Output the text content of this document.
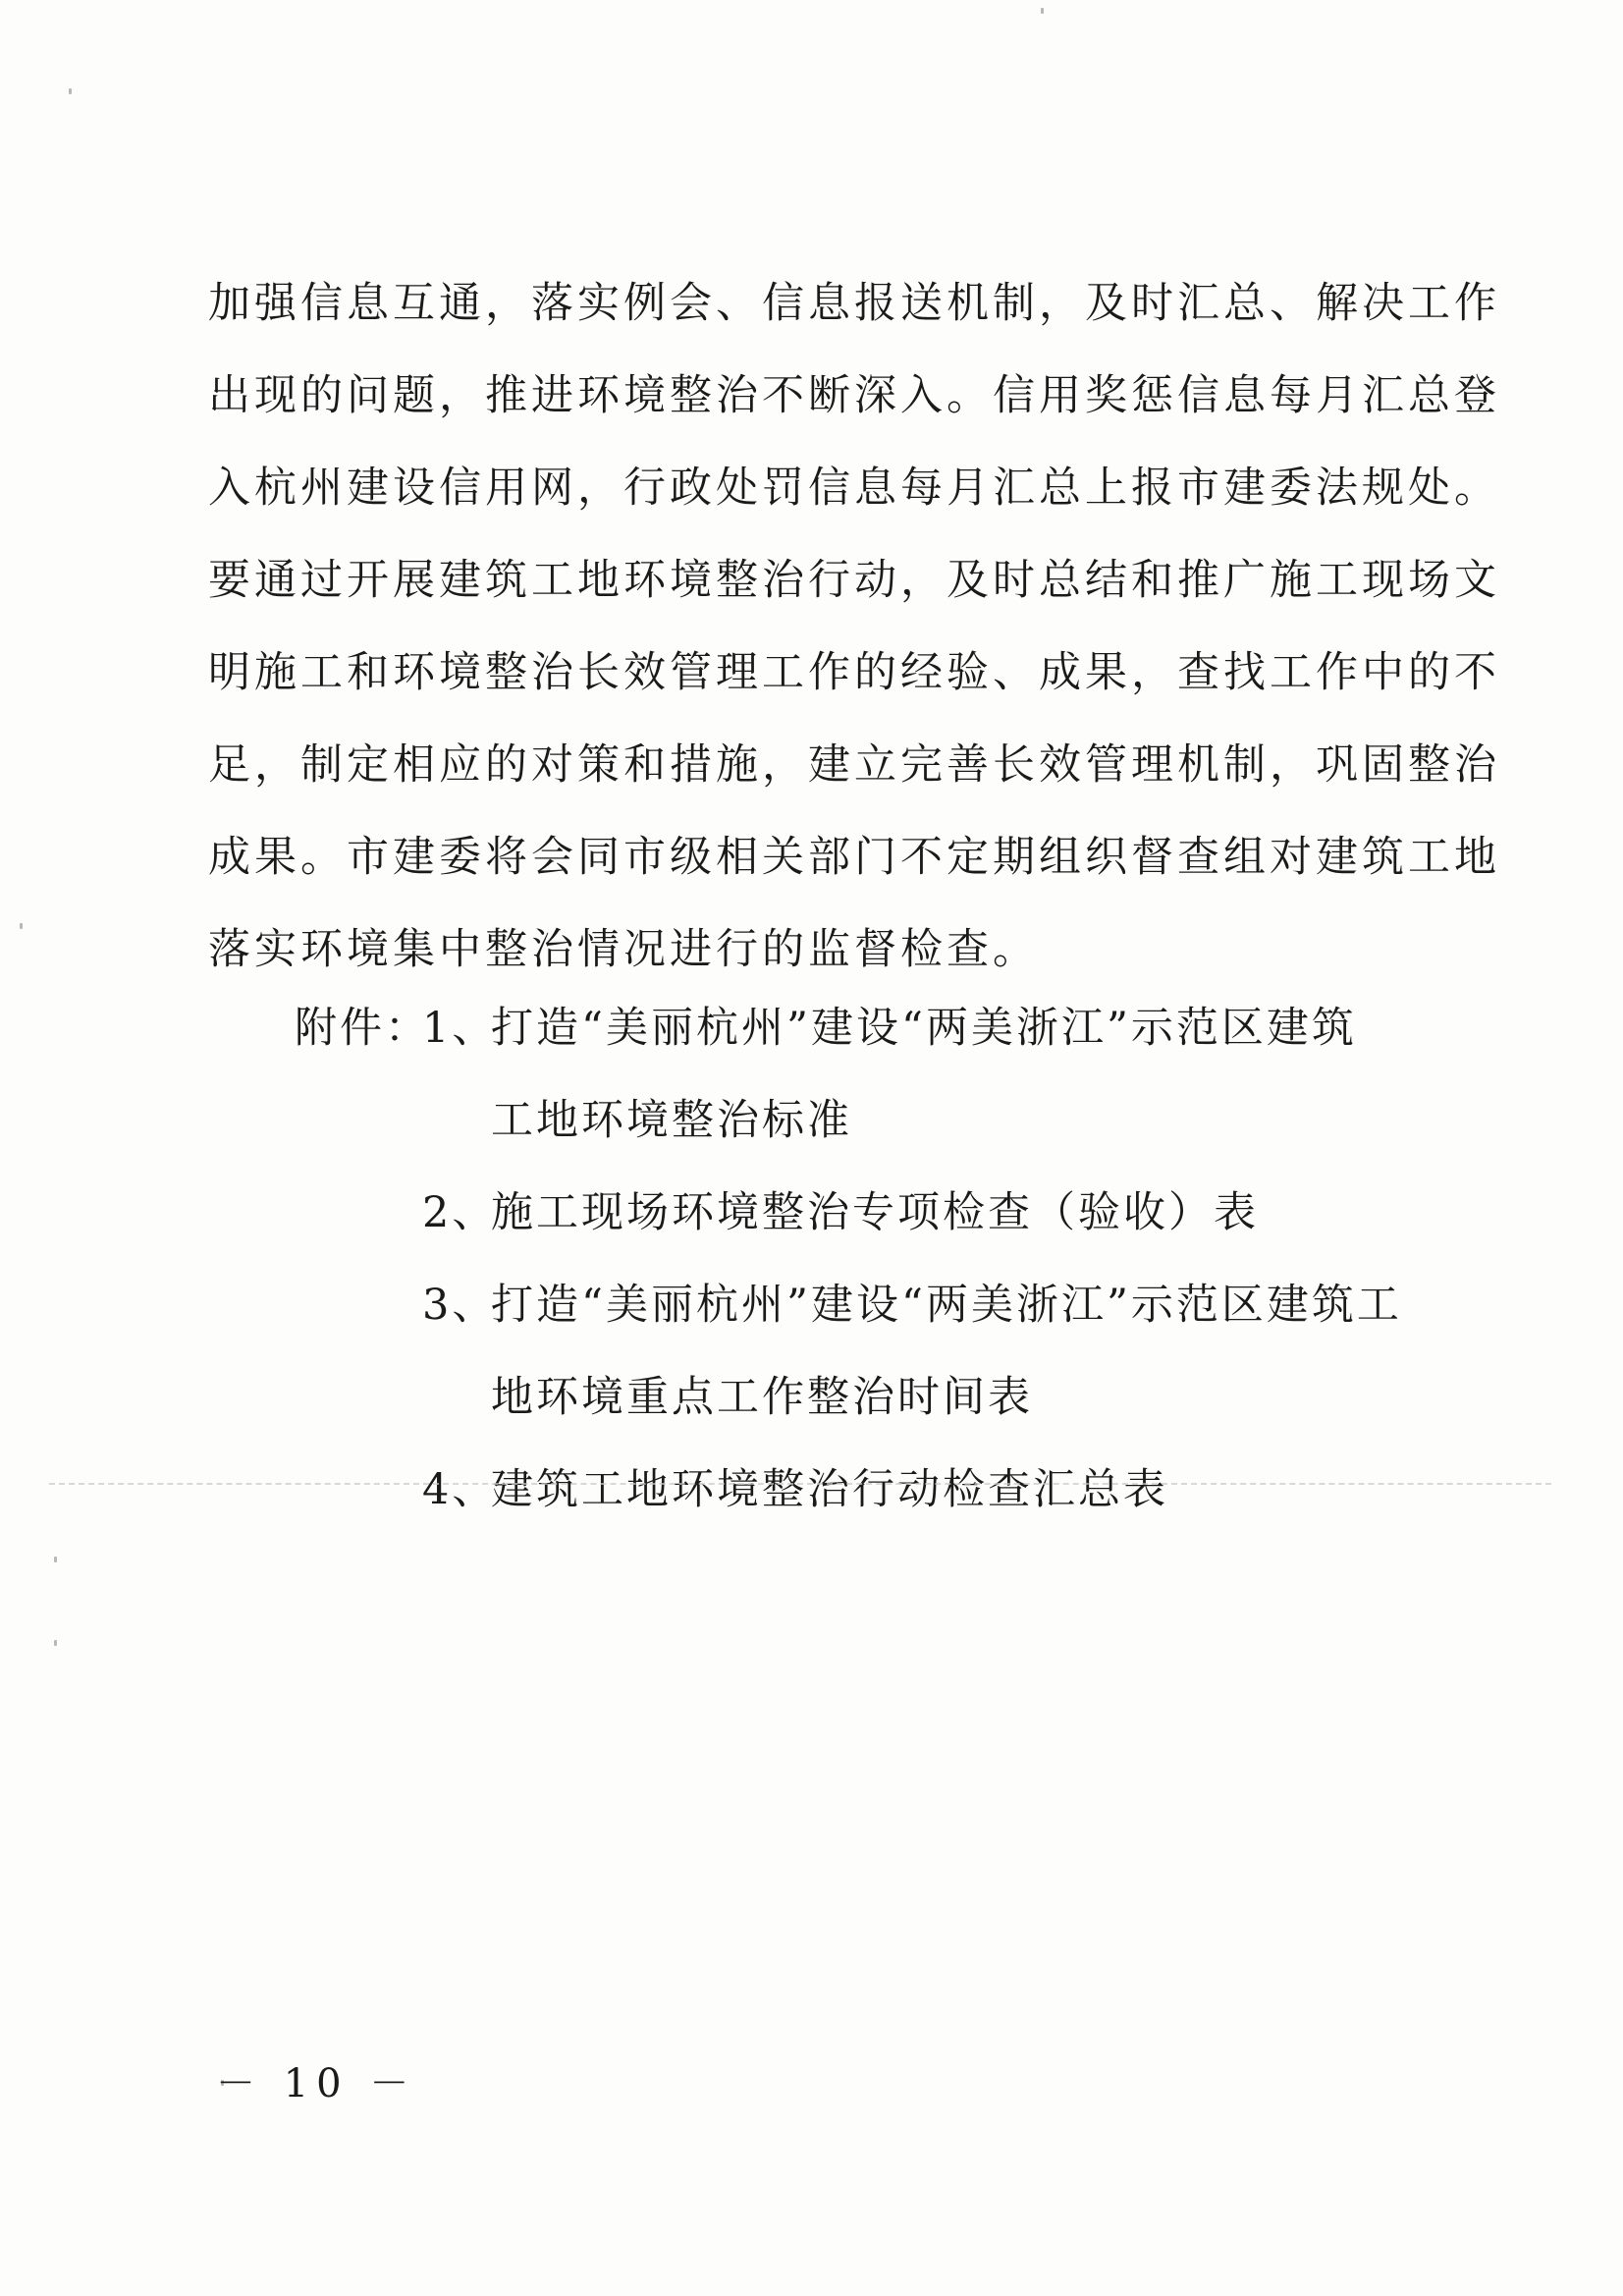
加强信息互通，落实例会、信息报送机制，及时汇总、解决工作
出现的问题，推进环境整治不断深入。信用奖惩信息每月汇总登
入杭州建设信用网，行政处罚信息每月汇总上报市建委法规处。
要通过开展建筑工地环境整治行动，及时总结和推广施工现场文
明施工和环境整治长效管理工作的经验、成果，查找工作中的不
足，制定相应的对策和措施，建立完善长效管理机制，巩固整治
成果。市建委将会同市级相关部门不定期组织督查组对建筑工地
落实环境集中整治情况进行的监督检查。
附件：1、打造“美丽杭州”建设“两美浙江”示范区建筑
工地环境整治标准
2、施工现场环境整治专项检查（验收）表
3、打造“美丽杭州”建设“两美浙江”示范区建筑工
地环境重点工作整治时间表
4、建筑工地环境整治行动检查汇总表
－ 10 －
